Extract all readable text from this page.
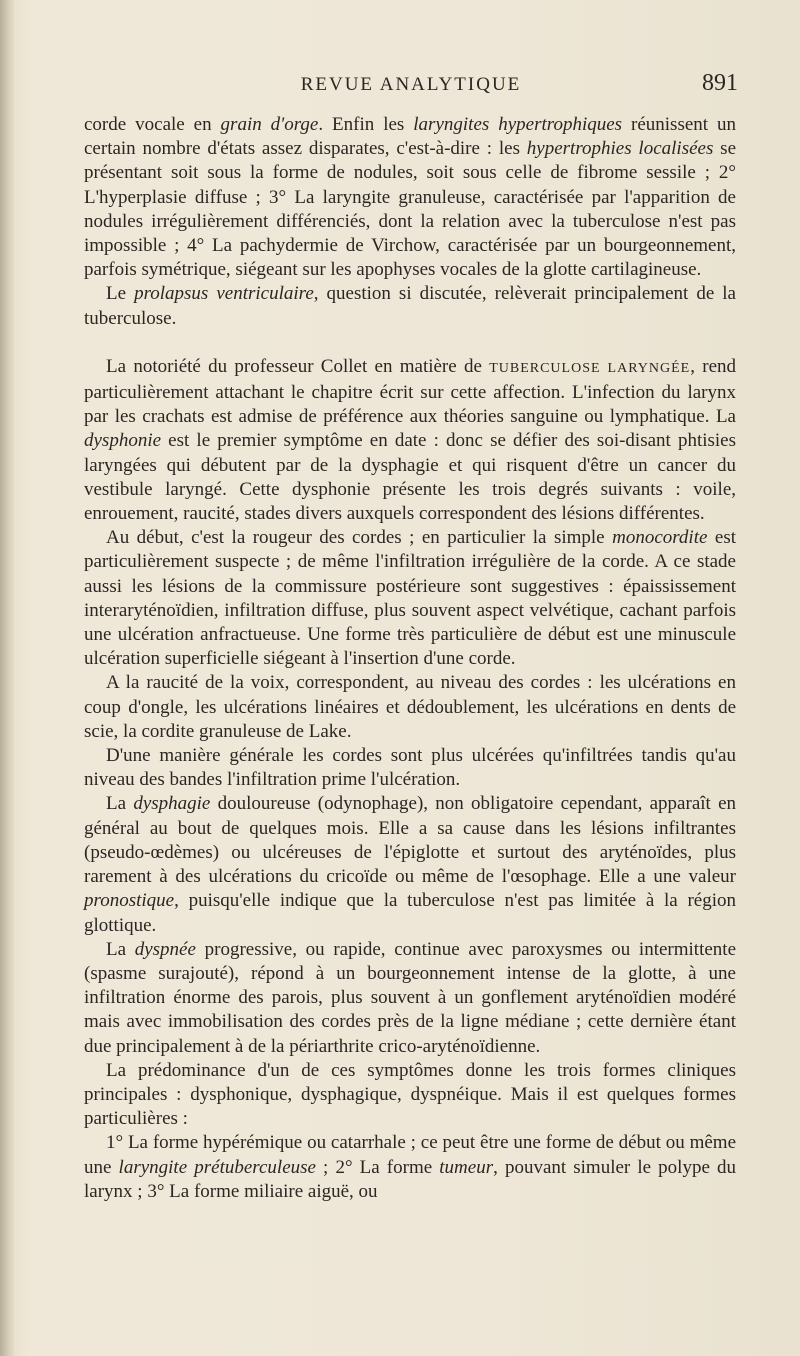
REVUE ANALYTIQUE	891

corde vocale en grain d'orge. Enfin les laryngites hypertrophiques réunissent un certain nombre d'états assez disparates, c'est-à-dire : les hypertrophies localisées se présentant soit sous la forme de nodules, soit sous celle de fibrome sessile ; 2° L'hyperplasie diffuse ; 3° La laryngite granuleuse, caractérisée par l'apparition de nodules irrégulièrement différenciés, dont la relation avec la tuberculose n'est pas impossible ; 4° La pachydermie de Virchow, caractérisée par un bourgeonnement, parfois symétrique, siégeant sur les apophyses vocales de la glotte cartilagineuse.

Le prolapsus ventriculaire, question si discutée, relèverait principalement de la tuberculose.

La notoriété du professeur Collet en matière de TUBERCULOSE LARYNGÉE, rend particulièrement attachant le chapitre écrit sur cette affection. L'infection du larynx par les crachats est admise de préférence aux théories sanguine ou lymphatique. La dysphonie est le premier symptôme en date : donc se défier des soi-disant phtisies laryngées qui débutent par de la dysphagie et qui risquent d'être un cancer du vestibule laryngé. Cette dysphonie présente les trois degrés suivants : voile, enrouement, raucité, stades divers auxquels correspondent des lésions différentes.

Au début, c'est la rougeur des cordes ; en particulier la simple monocordite est particulièrement suspecte ; de même l'infiltration irrégulière de la corde. A ce stade aussi les lésions de la commissure postérieure sont suggestives : épaississement interaryténoïdien, infiltration diffuse, plus souvent aspect velvétique, cachant parfois une ulcération anfractueuse. Une forme très particulière de début est une minuscule ulcération superficielle siégeant à l'insertion d'une corde.

A la raucité de la voix, correspondent, au niveau des cordes : les ulcérations en coup d'ongle, les ulcérations linéaires et dédoublement, les ulcérations en dents de scie, la cordite granuleuse de Lake.

D'une manière générale les cordes sont plus ulcérées qu'infiltrées tandis qu'au niveau des bandes l'infiltration prime l'ulcération.

La dysphagie douloureuse (odynophage), non obligatoire cependant, apparaît en général au bout de quelques mois. Elle a sa cause dans les lésions infiltrantes (pseudo-œdèmes) ou ulcéreuses de l'épiglotte et surtout des aryténoïdes, plus rarement à des ulcérations du cricoïde ou même de l'œsophage. Elle a une valeur pronostique, puisqu'elle indique que la tuberculose n'est pas limitée à la région glottique.

La dyspnée progressive, ou rapide, continue avec paroxysmes ou intermittente (spasme surajouté), répond à un bourgeonnement intense de la glotte, à une infiltration énorme des parois, plus souvent à un gonflement aryténoïdien modéré mais avec immobilisation des cordes près de la ligne médiane ; cette dernière étant due principalement à de la périarthrite crico-aryténoïdienne.

La prédominance d'un de ces symptômes donne les trois formes cliniques principales : dysphonique, dysphagique, dyspnéique. Mais il est quelques formes particulières :

1° La forme hypérémique ou catarrhale ; ce peut être une forme de début ou même une laryngite prétuberculeuse ; 2° La forme tumeur, pouvant simuler le polype du larynx ; 3° La forme miliaire aiguë, ou
